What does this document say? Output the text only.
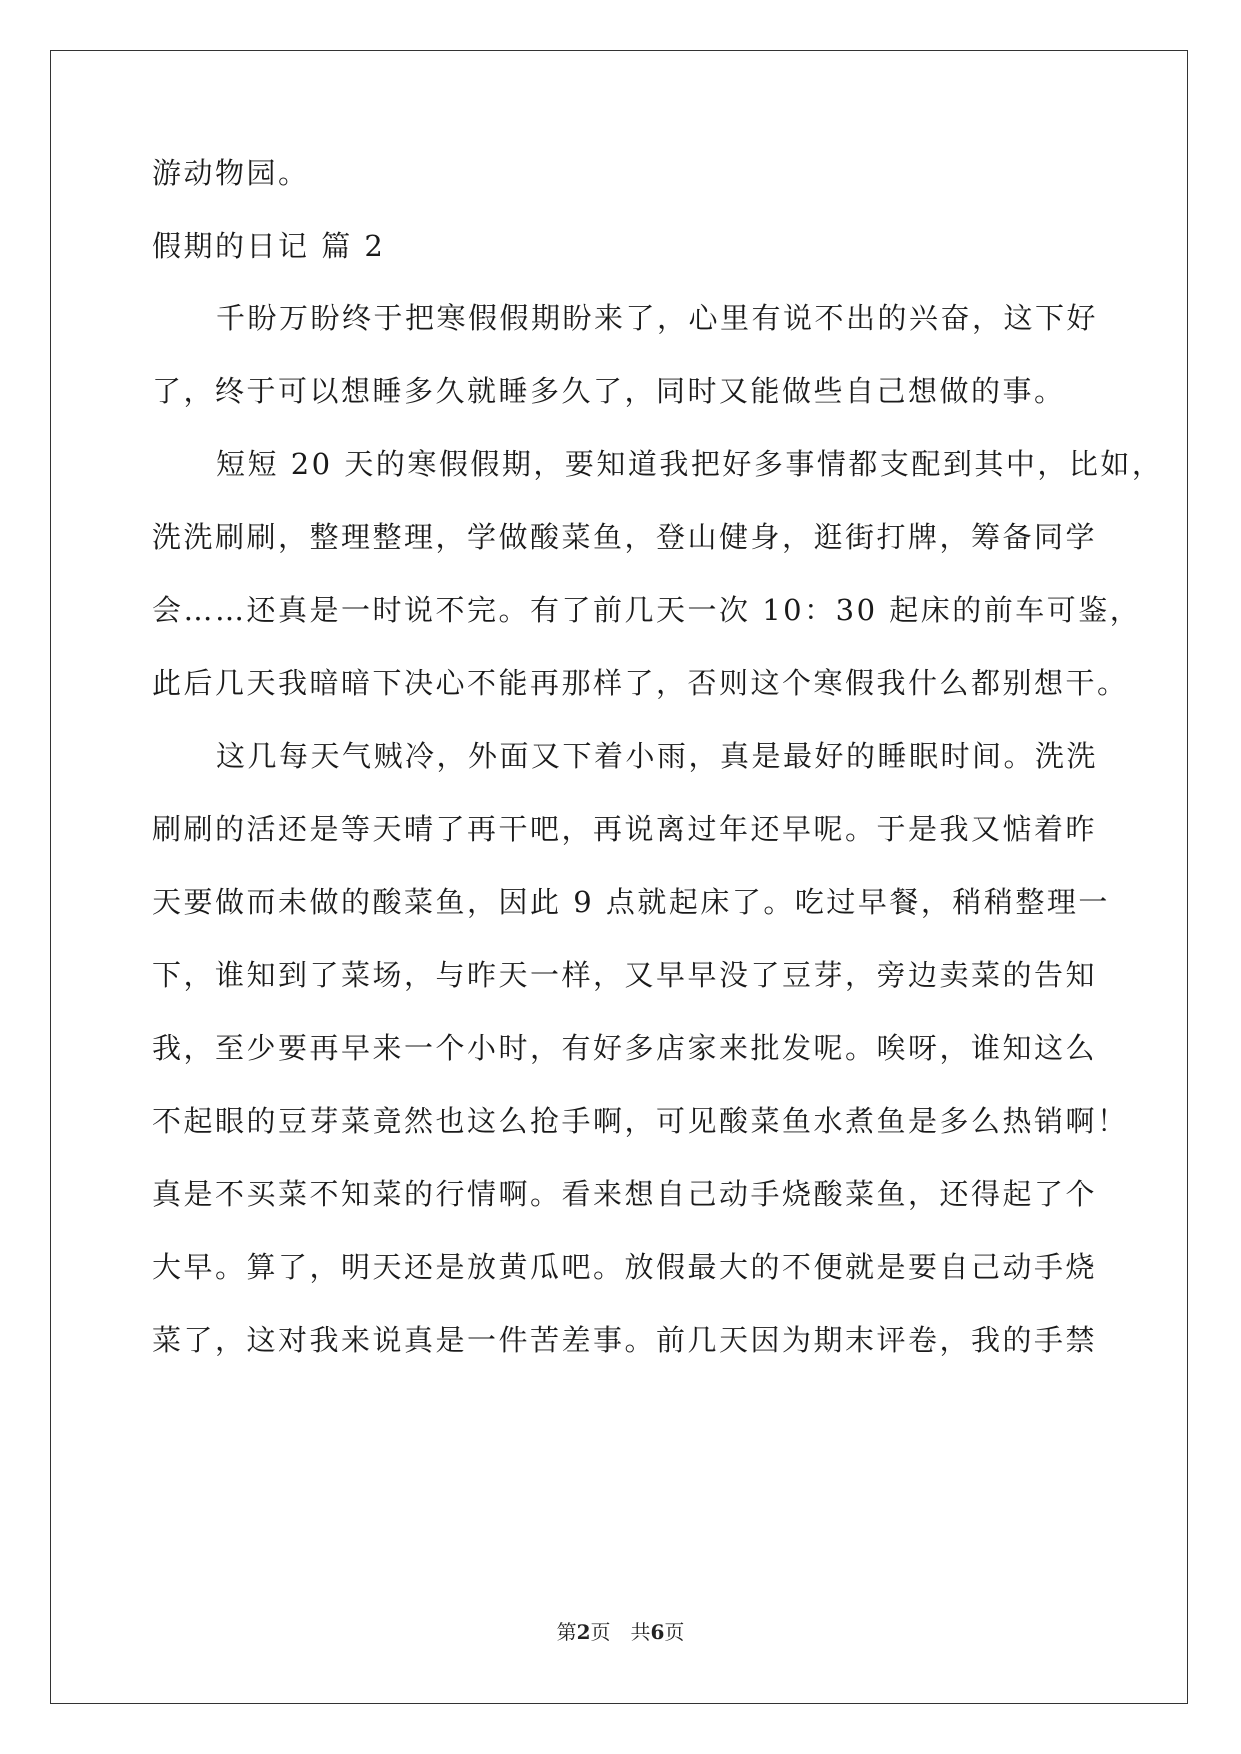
游动物园。
假期的日记 篇 2
千盼万盼终于把寒假假期盼来了，心里有说不出的兴奋，这下好
了，终于可以想睡多久就睡多久了，同时又能做些自己想做的事。
短短 20 天的寒假假期，要知道我把好多事情都支配到其中，比如，
洗洗刷刷，整理整理，学做酸菜鱼，登山健身，逛街打牌，筹备同学
会……还真是一时说不完。有了前几天一次 10：30 起床的前车可鉴，
此后几天我暗暗下决心不能再那样了，否则这个寒假我什么都别想干。
这几每天气贼冷，外面又下着小雨，真是最好的睡眠时间。洗洗
刷刷的活还是等天晴了再干吧，再说离过年还早呢。于是我又惦着昨
天要做而未做的酸菜鱼，因此 9 点就起床了。吃过早餐，稍稍整理一
下，谁知到了菜场，与昨天一样，又早早没了豆芽，旁边卖菜的告知
我，至少要再早来一个小时，有好多店家来批发呢。唉呀，谁知这么
不起眼的豆芽菜竟然也这么抢手啊，可见酸菜鱼水煮鱼是多么热销啊！
真是不买菜不知菜的行情啊。看来想自己动手烧酸菜鱼，还得起了个
大早。算了，明天还是放黄瓜吧。放假最大的不便就是要自己动手烧
菜了，这对我来说真是一件苦差事。前几天因为期末评卷，我的手禁
第2页　共6页
